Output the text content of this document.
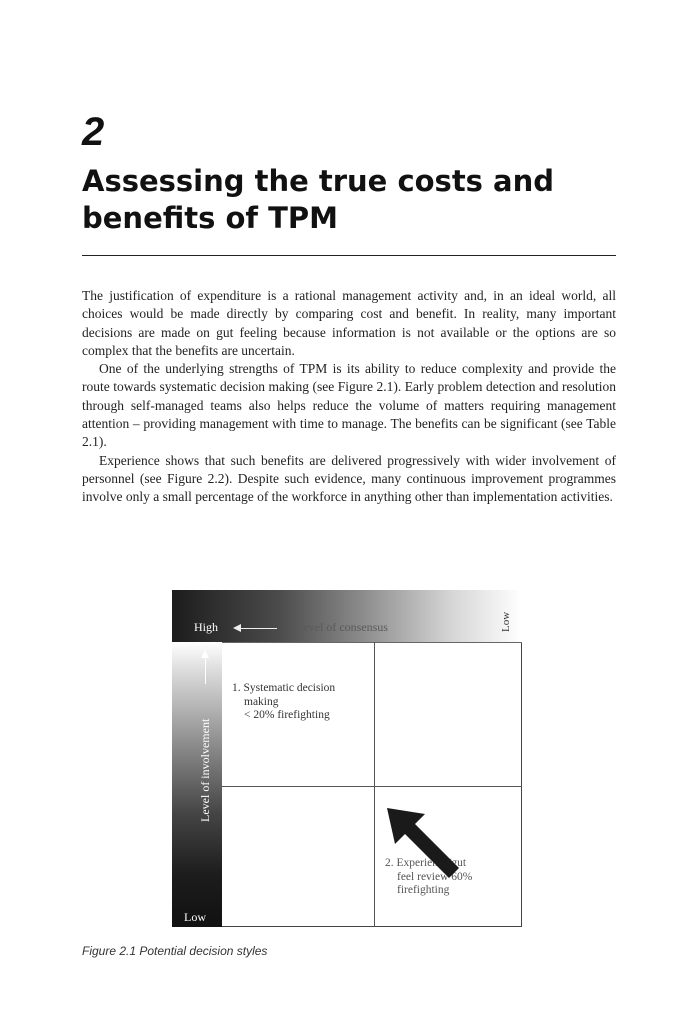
2
Assessing the true costs and benefits of TPM

The justification of expenditure is a rational management activity and, in an ideal world, all choices would be made directly by comparing cost and benefit. In reality, many important decisions are made on gut feeling because information is not available or the options are so complex that the benefits are uncertain.

One of the underlying strengths of TPM is its ability to reduce complexity and provide the route towards systematic decision making (see Figure 2.1). Early problem detection and resolution through self-managed teams also helps reduce the volume of matters requiring management attention – providing management with time to manage. The benefits can be significant (see Table 2.1).

Experience shows that such benefits are delivered progressively with wider involvement of personnel (see Figure 2.2). Despite such evidence, many continuous improvement programmes involve only a small percentage of the workforce in anything other than implementation activities.

High	Level of consensus	Low
Level of involvement
Low
1. Systematic decision
making
< 20% firefighting
2. Experience/gut
feel review 60%
firefighting
Figure 2.1 Potential decision styles
